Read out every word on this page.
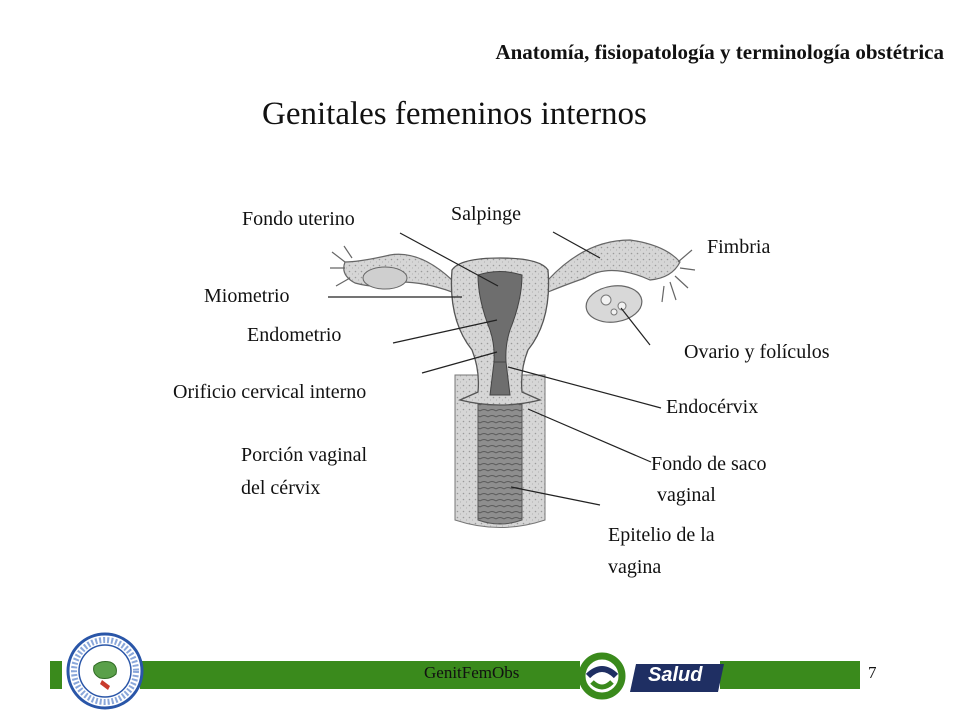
Anatomía, fisiopatología y terminología obstétrica
Genitales femeninos internos
Fondo uterino	Salpinge
Fimbria
Miometrio
Endometrio
Ovario y folículos
Orificio cervical interno
Endocérvix
Porción vaginal
del cérvix
Fondo de saco
vaginal
Epitelio de la
vagina
GenitFemObs	Salud	7
